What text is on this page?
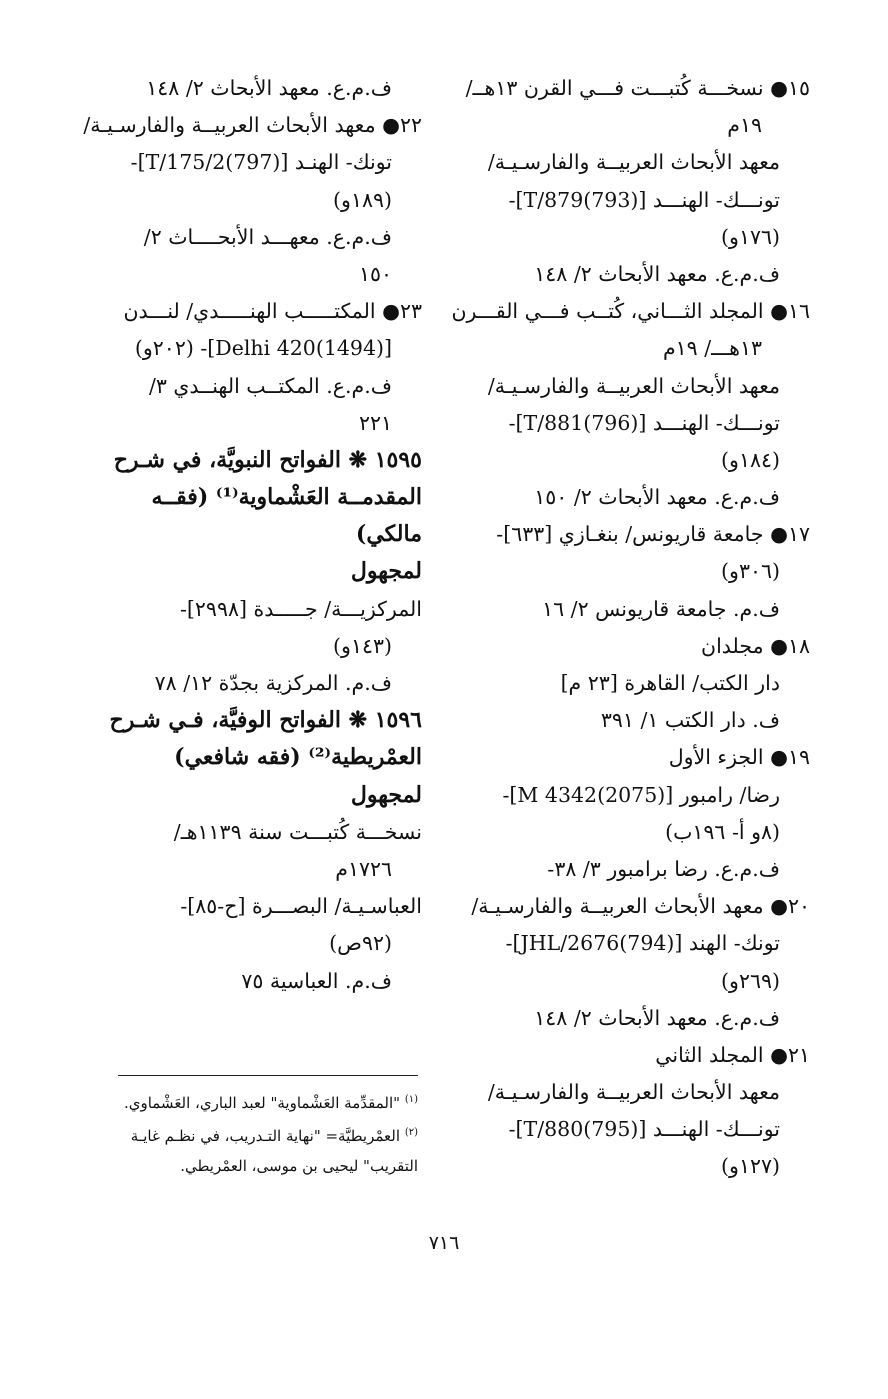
١٥● نسخـــة كُتبـــت فـــي القرن ١٣هــ/
١٩م
معهد الأبحاث العربيــة والفارسـيـة/
تونـــك- الهنـــد [T/879(793)]-
(١٧٦و)
ف.م.ع. معهد الأبحاث ٢/ ١٤٨
١٦● المجلد الثـــاني، كُتــب فـــي القـــرن
١٣هـــ/ ١٩م
معهد الأبحاث العربيــة والفارسـيـة/
تونـــك- الهنـــد [T/881(796)]-
(١٨٤و)
ف.م.ع. معهد الأبحاث ٢/ ١٥٠
١٧● جامعة قاريونس/ بنغـازي [٦٣٣]-
(٣٠٦و)
ف.م. جامعة قاريونس ٢/ ١٦
١٨● مجلدان
دار الكتب/ القاهرة [٢٣ م]
ف. دار الكتب ١/ ٣٩١
١٩● الجزء الأول
رضا/ رامبور [M 4342(2075)]-
(٨و أ- ١٩٦ب)
ف.م.ع. رضا برامبور ٣/ ٣٨-
٢٠● معهد الأبحاث العربيــة والفارسـيـة/
تونك- الهند [JHL/2676(794)]-
(٢٦٩و)
ف.م.ع. معهد الأبحاث ٢/ ١٤٨
٢١● المجلد الثاني
معهد الأبحاث العربيــة والفارسـيـة/
تونـــك- الهنـــد [T/880(795)]-
(١٢٧و)
ف.م.ع. معهد الأبحاث ٢/ ١٤٨
٢٢● معهد الأبحاث العربيــة والفارسـيـة/
تونك- الهنـد [T/175/2(797)]-
(١٨٩و)
ف.م.ع. معهـــد الأبحــــاث ٢/
١٥٠
٢٣● المكتـــــب الهنـــــدي/ لنـــدن
[Delhi 420(1494)]- (٢٠٢و)
ف.م.ع. المكتــب الهنــدي ٣/
٢٢١
١٥٩٥ ❋ الفواتح النبويَّة، في شـرح
المقدمــة العَشْماوية⁽¹⁾ (فقــه
مالكي)
لمجهول
المركزيـــة/ جـــــدة [٢٩٩٨]-
(١٤٣و)
ف.م. المركزية بجدّة ١٢/ ٧٨
١٥٩٦ ❋ الفواتح الوفيَّة، فـي شـرح
العمْريطية⁽²⁾ (فقه شافعي)
لمجهول
نسخـــة كُتبـــت سنة ١١٣٩هـ/
١٧٢٦م
العباسـيـة/ البصـــرة [ح-٨٥]-
(٩٢ص)
ف.م. العباسية ٧٥
$^{(١)}$ "المقدِّمة العَشْماوية" لعبد الباري، العَشْماوي.
$^{(٢)}$ العمْريطيَّة= "نهاية التـدريب، في نظـم غايـة
التقريب" ليحيى بن موسى، العمْريطي.
٧١٦
